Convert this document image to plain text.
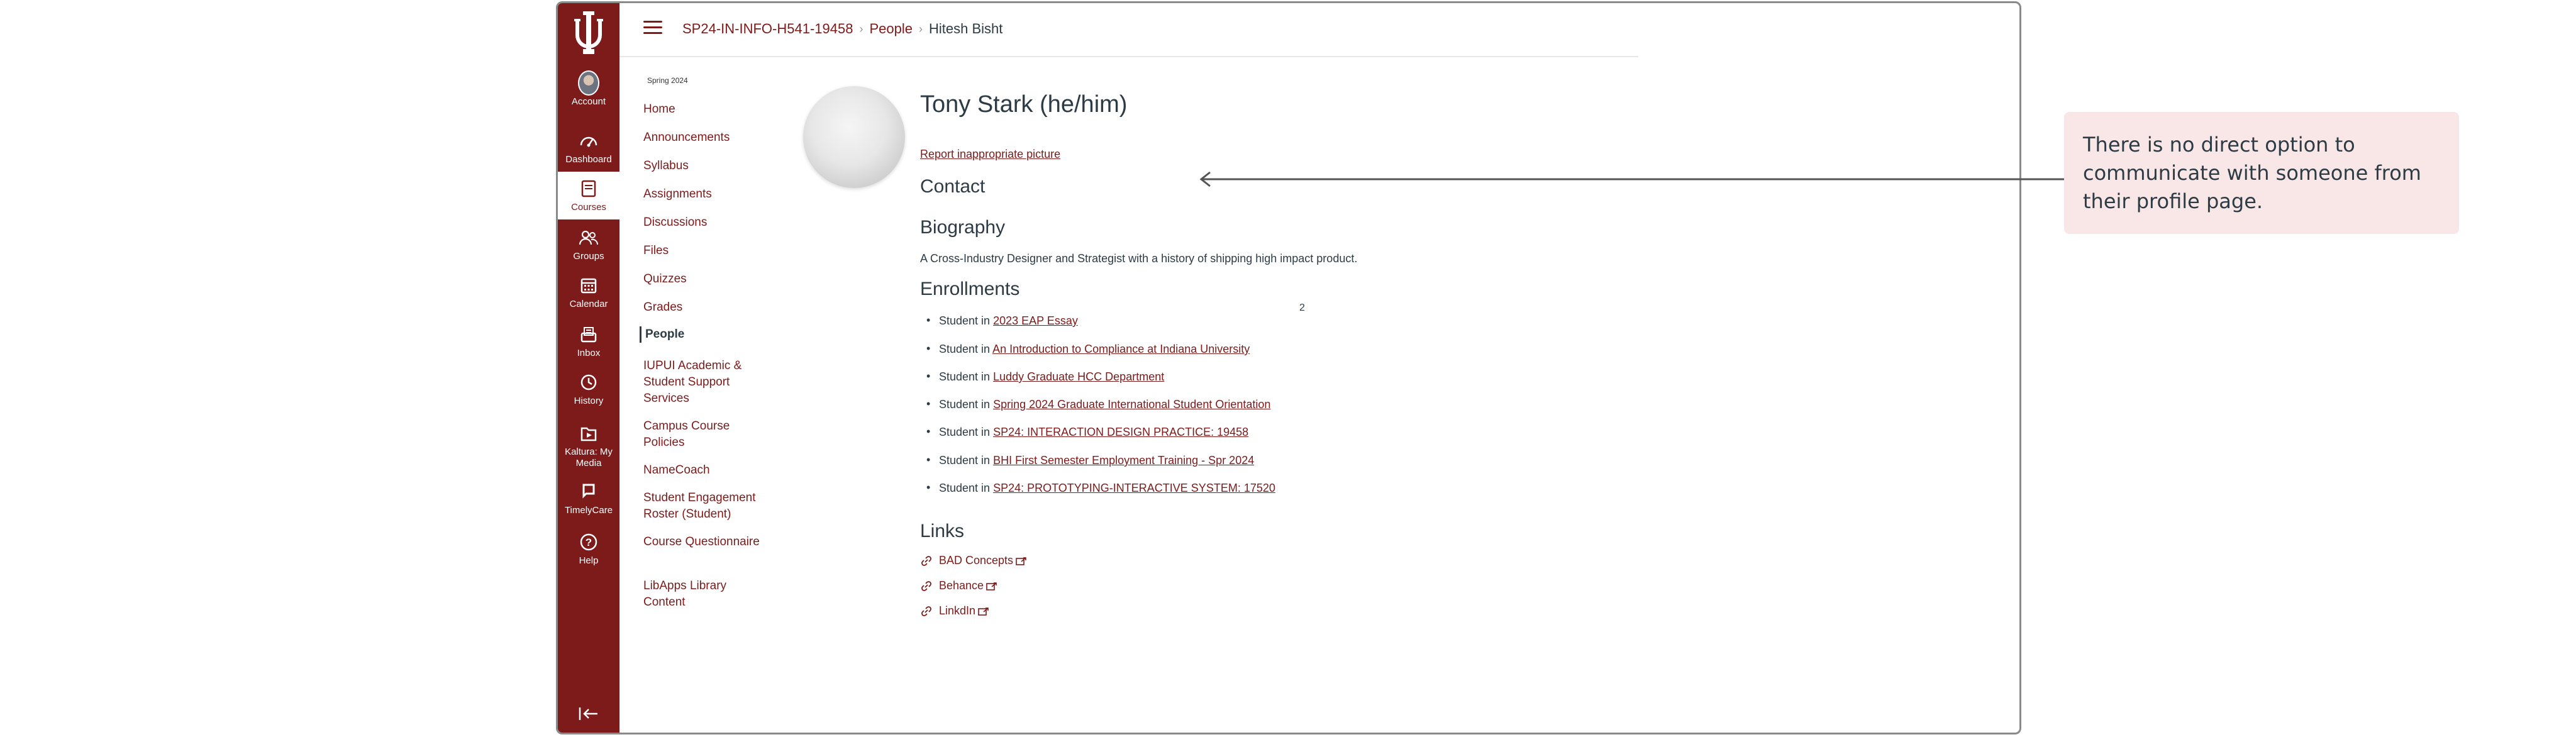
Account
Dashboard
Courses
Groups
Calendar
Inbox
History
Kaltura: My Media
TimelyCare
?
Help
SP24-IN-INFO-H541-19458 › People › Hitesh Bisht
Spring 2024
Home
Announcements
Syllabus
Assignments
Discussions
Files
Quizzes
Grades
People
IUPUI Academic & Student Support Services
Campus Course Policies
NameCoach
Student Engagement Roster (Student)
Course Questionnaire
LibApps Library Content
2
Tony Stark (he/him)
Report inappropriate picture
Contact
Biography
A Cross-Industry Designer and Strategist with a history of shipping high impact product.
Enrollments
• Student in 2023 EAP Essay
• Student in An Introduction to Compliance at Indiana University
• Student in Luddy Graduate HCC Department
• Student in Spring 2024 Graduate International Student Orientation
• Student in SP24: INTERACTION DESIGN PRACTICE: 19458
• Student in BHI First Semester Employment Training - Spr 2024
• Student in SP24: PROTOTYPING-INTERACTIVE SYSTEM: 17520
Links
BAD Concepts
Behance
LinkdIn
There is no direct option to communicate with someone from their profile page.
